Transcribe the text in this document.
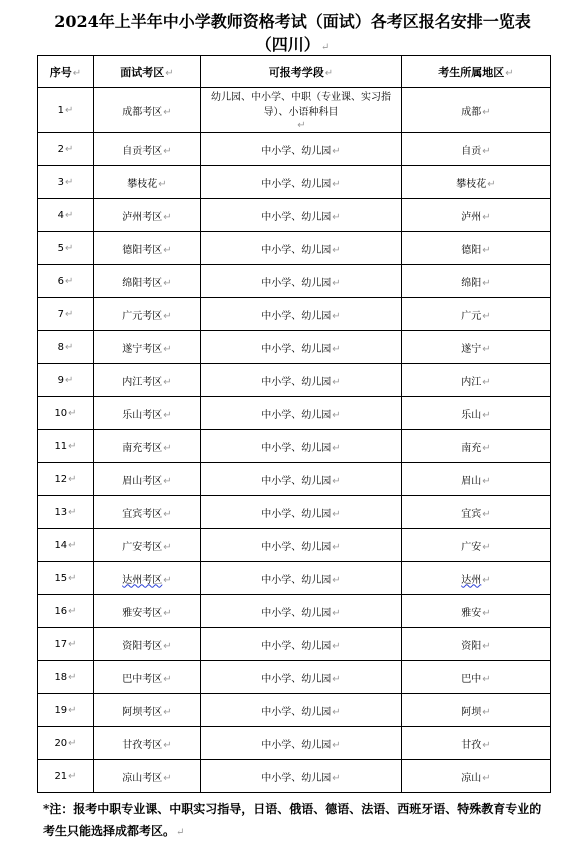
2024年上半年中小学教师资格考试（面试）各考区报名安排一览表
（四川）↵
序号↵	面试考区↵	可报考学段↵	考生所属地区↵
1↵	成都考区↵	幼儿园、中小学、中职（专业课、实习指导）、小语种科目↵	成都↵
2↵	自贡考区↵	中小学、幼儿园↵	自贡↵
3↵	攀枝花↵	中小学、幼儿园↵	攀枝花↵
4↵	泸州考区↵	中小学、幼儿园↵	泸州↵
5↵	德阳考区↵	中小学、幼儿园↵	德阳↵
6↵	绵阳考区↵	中小学、幼儿园↵	绵阳↵
7↵	广元考区↵	中小学、幼儿园↵	广元↵
8↵	遂宁考区↵	中小学、幼儿园↵	遂宁↵
9↵	内江考区↵	中小学、幼儿园↵	内江↵
10↵	乐山考区↵	中小学、幼儿园↵	乐山↵
11↵	南充考区↵	中小学、幼儿园↵	南充↵
12↵	眉山考区↵	中小学、幼儿园↵	眉山↵
13↵	宜宾考区↵	中小学、幼儿园↵	宜宾↵
14↵	广安考区↵	中小学、幼儿园↵	广安↵
15↵	达州考区↵	中小学、幼儿园↵	达州↵
16↵	雅安考区↵	中小学、幼儿园↵	雅安↵
17↵	资阳考区↵	中小学、幼儿园↵	资阳↵
18↵	巴中考区↵	中小学、幼儿园↵	巴中↵
19↵	阿坝考区↵	中小学、幼儿园↵	阿坝↵
20↵	甘孜考区↵	中小学、幼儿园↵	甘孜↵
21↵	凉山考区↵	中小学、幼儿园↵	凉山↵
*注：报考中职专业课、中职实习指导，日语、俄语、德语、法语、西班牙语、特殊教育专业的考生只能选择成都考区。↵
